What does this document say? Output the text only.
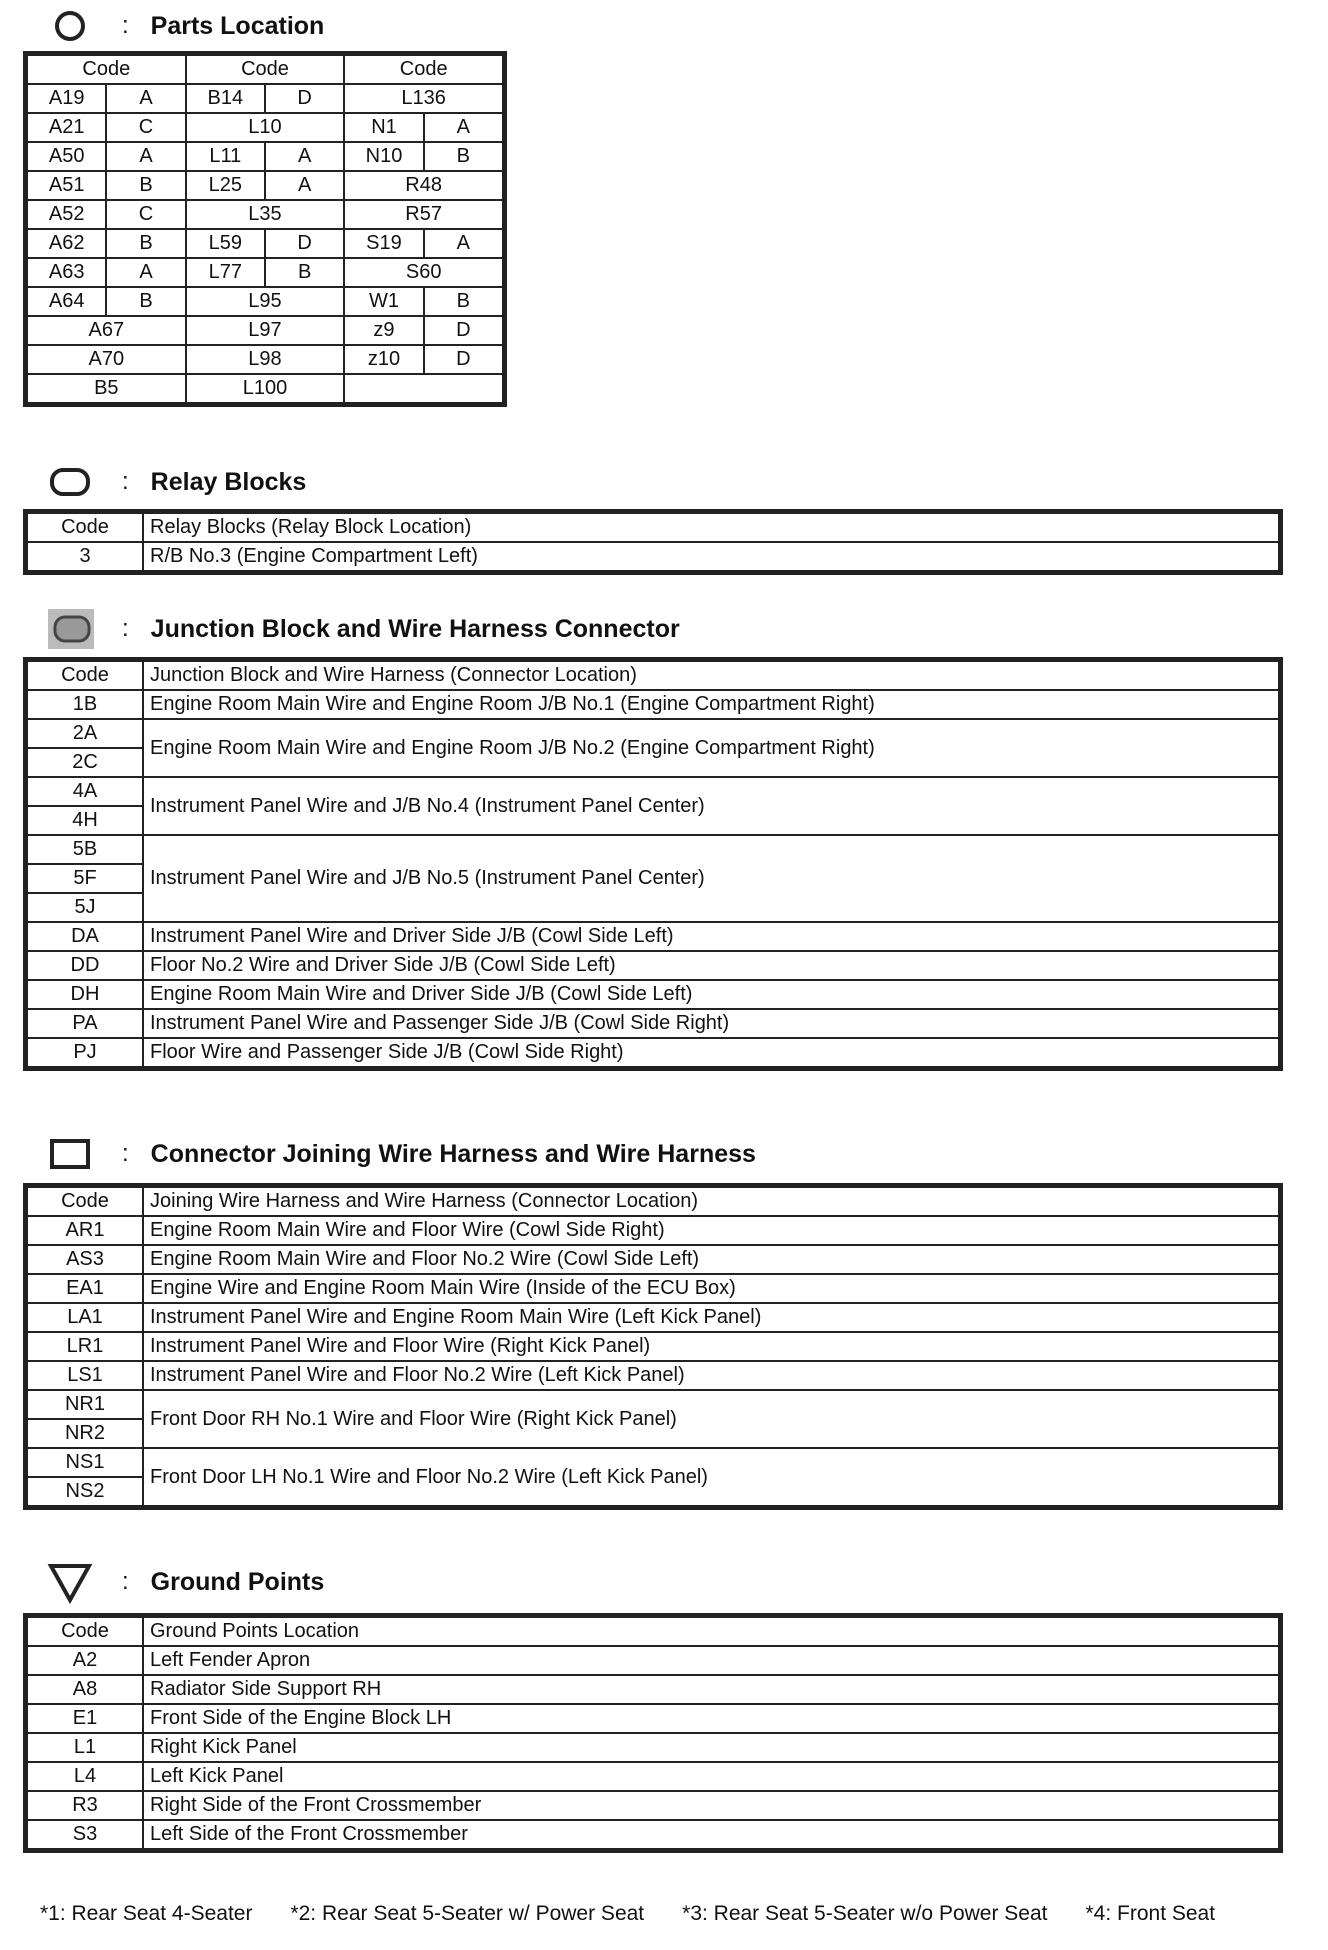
: Parts Location
Code		Code		Code	
A19	A	B14	D	L136	
A21	C	L10		N1	A
A50	A	L11	A	N10	B
A51	B	L25	A	R48	
A52	C	L35		R57	
A62	B	L59	D	S19	A
A63	A	L77	B	S60	
A64	B	L95		W1	B
A67		L97		z9	D
A70		L98		z10	D
B5		L100			
: Relay Blocks
Code	Relay Blocks (Relay Block Location)
3	R/B No.3 (Engine Compartment Left)
: Junction Block and Wire Harness Connector
Code	Junction Block and Wire Harness (Connector Location)
1B	Engine Room Main Wire and Engine Room J/B No.1 (Engine Compartment Right)
2A	Engine Room Main Wire and Engine Room J/B No.2 (Engine Compartment Right)
2C	
4A	Instrument Panel Wire and J/B No.4 (Instrument Panel Center)
4H	
5B	Instrument Panel Wire and J/B No.5 (Instrument Panel Center)
5F	
5J	
DA	Instrument Panel Wire and Driver Side J/B (Cowl Side Left)
DD	Floor No.2 Wire and Driver Side J/B (Cowl Side Left)
DH	Engine Room Main Wire and Driver Side J/B (Cowl Side Left)
PA	Instrument Panel Wire and Passenger Side J/B (Cowl Side Right)
PJ	Floor Wire and Passenger Side J/B (Cowl Side Right)
: Connector Joining Wire Harness and Wire Harness
Code	Joining Wire Harness and Wire Harness (Connector Location)
AR1	Engine Room Main Wire and Floor Wire (Cowl Side Right)
AS3	Engine Room Main Wire and Floor No.2 Wire (Cowl Side Left)
EA1	Engine Wire and Engine Room Main Wire (Inside of the ECU Box)
LA1	Instrument Panel Wire and Engine Room Main Wire (Left Kick Panel)
LR1	Instrument Panel Wire and Floor Wire (Right Kick Panel)
LS1	Instrument Panel Wire and Floor No.2 Wire (Left Kick Panel)
NR1	Front Door RH No.1 Wire and Floor Wire (Right Kick Panel)
NR2	
NS1	Front Door LH No.1 Wire and Floor No.2 Wire (Left Kick Panel)
NS2	
: Ground Points
Code	Ground Points Location
A2	Left Fender Apron
A8	Radiator Side Support RH
E1	Front Side of the Engine Block LH
L1	Right Kick Panel
L4	Left Kick Panel
R3	Right Side of the Front Crossmember
S3	Left Side of the Front Crossmember
*1: Rear Seat 4-Seater *2: Rear Seat 5-Seater w/ Power Seat *3: Rear Seat 5-Seater w/o Power Seat *4: Front Seat
